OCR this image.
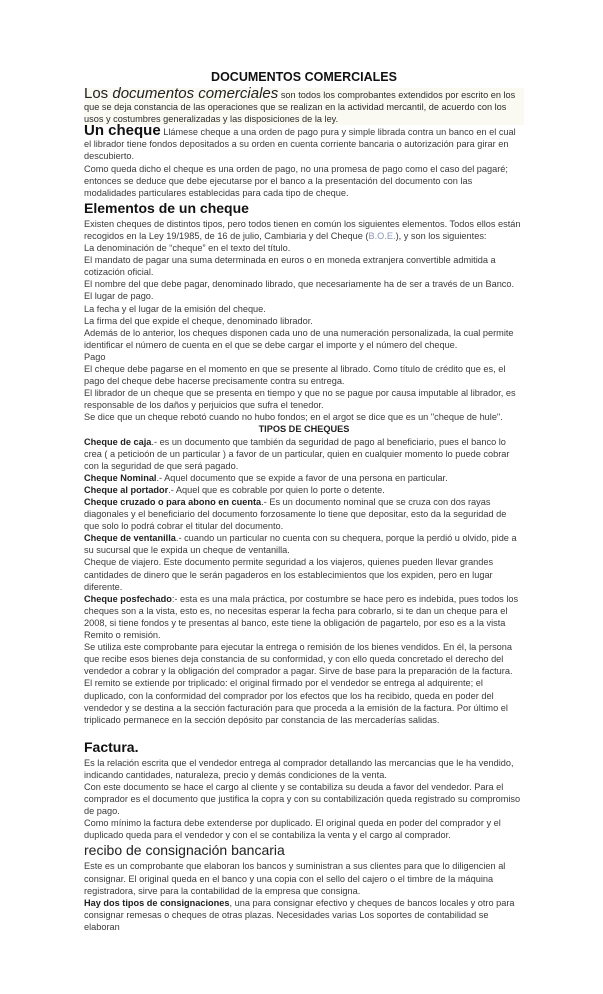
DOCUMENTOS COMERCIALES

Los documentos comerciales son todos los comprobantes extendidos por escrito en los que se deja constancia de las operaciones que se realizan en la actividad mercantil, de acuerdo con los usos y costumbres generalizadas y las disposiciones de la ley.

Un cheque Llámese cheque a una orden de pago pura y simple librada contra un banco en el cual el librador tiene fondos depositados a su orden en cuenta corriente bancaria o autorización para girar en descubierto.

Como queda dicho el cheque es una orden de pago, no una promesa de pago como el caso del pagaré; entonces se deduce que debe ejecutarse por el banco a la presentación del documento con las modalidades particulares establecidas para cada tipo de cheque.

Elementos de un cheque

Existen cheques de distintos tipos, pero todos tienen en común los siguientes elementos. Todos ellos están recogidos en la Ley 19/1985, de 16 de julio, Cambiaria y del Cheque (B.O.E.), y son los siguientes:

La denominación de “cheque” en el texto del título.

El mandato de pagar una suma determinada en euros o en moneda extranjera convertible admitida a cotización oficial.

El nombre del que debe pagar, denominado librado, que necesariamente ha de ser a través de un Banco.

El lugar de pago.

La fecha y el lugar de la emisión del cheque.

La firma del que expide el cheque, denominado librador.

Además de lo anterior, los cheques disponen cada uno de una numeración personalizada, la cual permite identificar el número de cuenta en el que se debe cargar el importe y el número del cheque.

Pago

El cheque debe pagarse en el momento en que se presente al librado. Como título de crédito que es, el pago del cheque debe hacerse precisamente contra su entrega.

El librador de un cheque que se presenta en tiempo y que no se pague por causa imputable al librador, es responsable de los daños y perjuicios que sufra el tenedor.

Se dice que un cheque rebotó cuando no hubo fondos; en el argot se dice que es un "cheque de hule".

TIPOS DE CHEQUES

Cheque de caja.- es un documento que también da seguridad de pago al beneficiario, pues el banco lo crea ( a peticioón de un particular ) a favor de un particular, quien en cualquier momento lo puede cobrar con la seguridad de que será pagado.

Cheque Nominal.- Aquel documento que se expide a favor de una persona en particular.

Cheque al portador.- Aquel que es cobrable por quien lo porte o detente.

Cheque cruzado o para abono en cuenta.- Es un documento nominal que se cruza con dos rayas diagonales y el beneficiario del documento forzosamente lo tiene que depositar, esto da la seguridad de que solo lo podrá cobrar el titular del documento.

Cheque de ventanilla.- cuando un particular no cuenta con su chequera, porque la perdió u olvido, pide a su sucursal que le expida un cheque de ventanilla.

Cheque de viajero. Este documento permite seguridad a los viajeros, quienes pueden llevar grandes cantidades de dinero que le serán pagaderos en los establecimientos que los expiden, pero en lugar diferente.

Cheque posfechado:- esta es una mala práctica, por costumbre se hace pero es indebida, pues todos los cheques son a la vista, esto es, no necesitas esperar la fecha para cobrarlo, si te dan un cheque para el 2008, si tiene fondos y te presentas al banco, este tiene la obligación de pagartelo, por eso es a la vista Remito o remisión.

Se utiliza este comprobante para ejecutar la entrega o remisión de los bienes vendidos. En él, la persona que recibe esos bienes deja constancia de su conformidad, y con ello queda concretado el derecho del vendedor a cobrar y la obligación del comprador a pagar. Sirve de base para la preparación de la factura.

El remito se extiende por triplicado: el original firmado por el vendedor se entrega al adquirente; el duplicado, con la conformidad del comprador por los efectos que los ha recibido, queda en poder del vendedor y se destina a la sección facturación para que proceda a la emisión de la factura. Por último el triplicado permanece en la sección depósito par constancia de las mercaderías salidas.

Factura.

Es la relación escrita que el vendedor entrega al comprador detallando las mercancias que le ha vendido, indicando cantidades, naturaleza, precio y demás condiciones de la venta.

Con este documento se hace el cargo al cliente y se contabiliza su deuda a favor del vendedor. Para el comprador es el documento que justifica la copra y con su contabilización queda registrado su compromiso de pago.

Como mínimo la factura debe extenderse por duplicado. El original queda en poder del comprador y el duplicado queda para el vendedor y con el se contabiliza la venta y el cargo al comprador.

recibo de consignación bancaria

Este es un comprobante que elaboran los bancos y suministran a sus clientes para que lo diligencien al consignar. El original queda en el banco y una copia con el sello del cajero o el timbre de la máquina registradora, sirve para la contabilidad de la empresa que consigna.

Hay dos tipos de consignaciones, una para consignar efectivo y cheques de bancos locales y otro para consignar remesas o cheques de otras plazas. Necesidades varias Los soportes de contabilidad se elaboran
